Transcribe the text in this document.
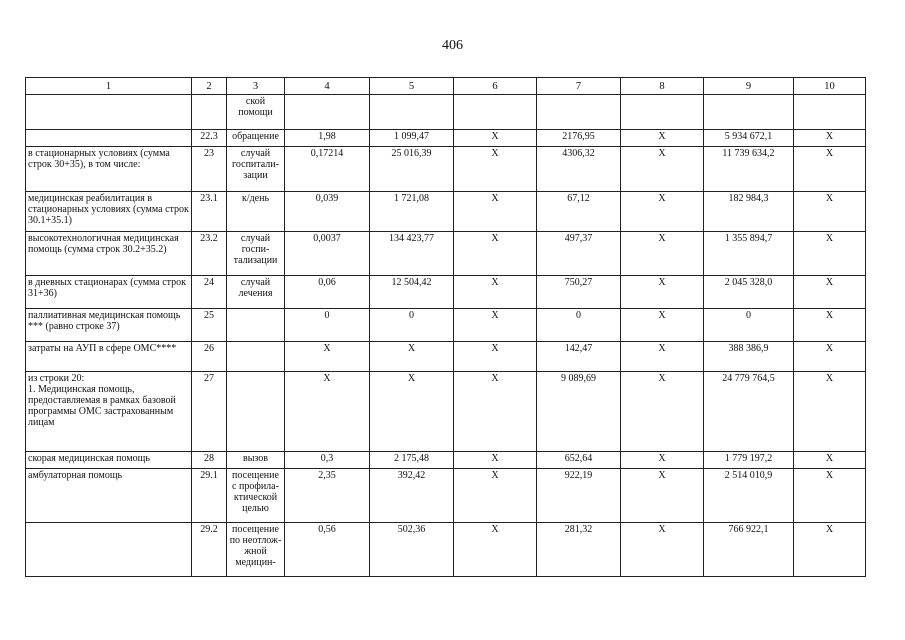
406
1	2	3	4	5	6	7	8	9	10
		ской помощи							
	22.3	обращение	1,98	1 099,47	X	2176,95	X	5 934 672,1	X
в стационарных условиях (сумма строк 30+35), в том числе:	23	случай госпитали-зации	0,17214	25 016,39	X	4306,32	X	11 739 634,2	X
медицинская реабилитация в стационарных условиях (сумма строк 30.1+35.1)	23.1	к/день	0,039	1 721,08	X	67,12	X	182 984,3	X
высокотехнологичная медицинская помощь (сумма строк 30.2+35.2)	23.2	случай госпи-тализации	0,0037	134 423,77	X	497,37	X	1 355 894,7	X
в дневных стационарах (сумма строк 31+36)	24	случай лечения	0,06	12 504,42	X	750,27	X	2 045 328,0	X
паллиативная медицинская помощь *** (равно строке 37)	25		0	0	X	0	X	0	X
затраты на АУП в сфере ОМС****	26		X	X	X	142,47	X	388 386,9	X
из строки 20:
1. Медицинская помощь, предоставляемая в рамках базовой программы ОМС застрахованным лицам	27		X	X	X	9 089,69	X	24 779 764,5	X
скорая медицинская помощь	28	вызов	0,3	2 175,48	X	652,64	X	1 779 197,2	X
амбулаторная помощь	29.1	посещение с профила-ктической целью	2,35	392,42	X	922,19	X	2 514 010,9	X
	29.2	посещение по неотлож-жной медицин-	0,56	502,36	X	281,32	X	766 922,1	X
